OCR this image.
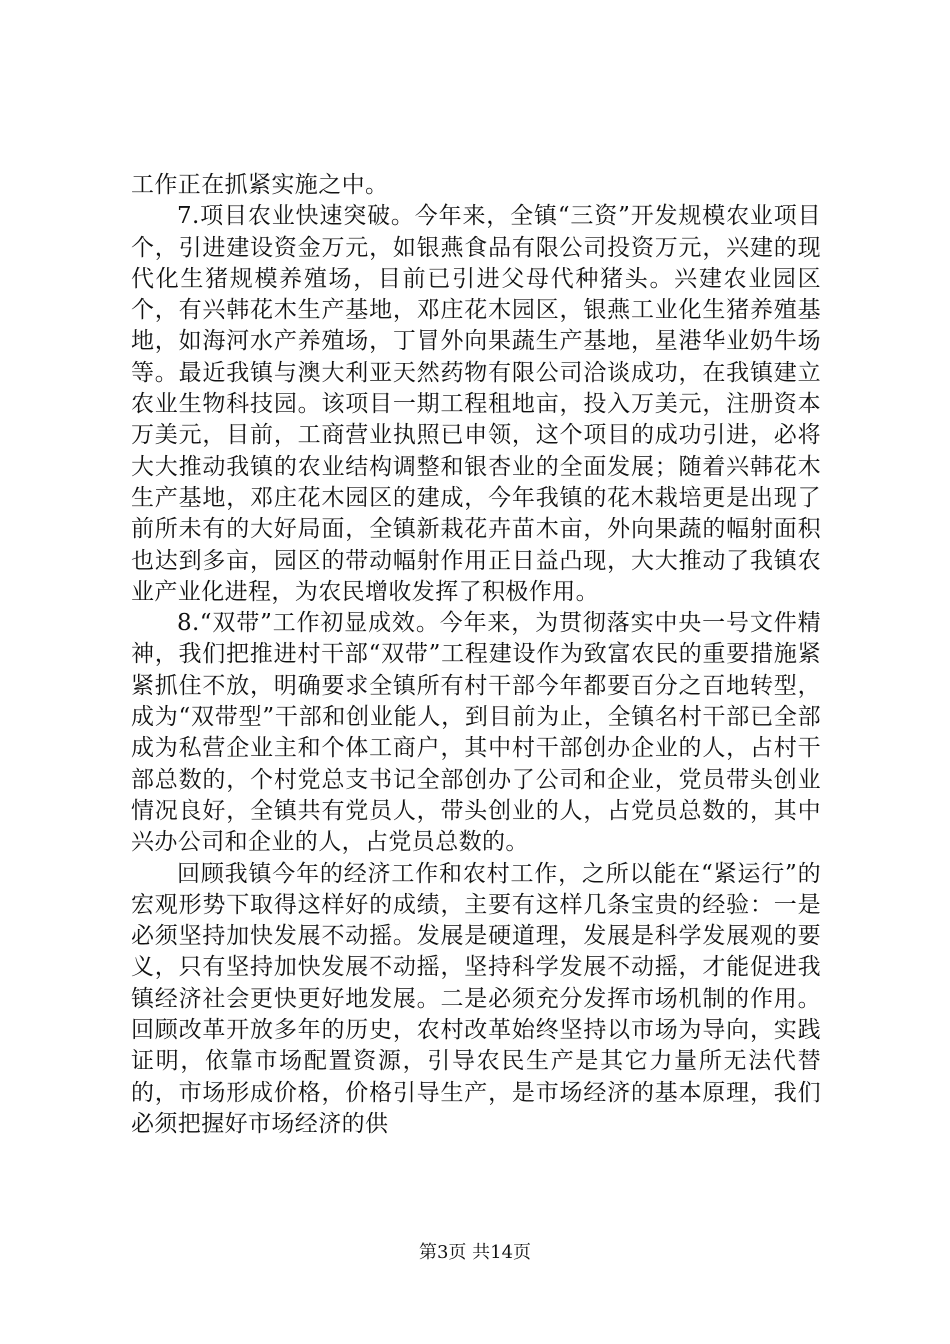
工作正在抓紧实施之中。

7.项目农业快速突破。今年来，全镇“三资”开发规模农业项目个，引进建设资金万元，如银燕食品有限公司投资万元，兴建的现代化生猪规模养殖场，目前已引进父母代种猪头。兴建农业园区个，有兴韩花木生产基地，邓庄花木园区，银燕工业化生猪养殖基地，如海河水产养殖场，丁冒外向果蔬生产基地，星港华业奶牛场等。最近我镇与澳大利亚天然药物有限公司洽谈成功，在我镇建立农业生物科技园。该项目一期工程租地亩，投入万美元，注册资本万美元，目前，工商营业执照已申领，这个项目的成功引进，必将大大推动我镇的农业结构调整和银杏业的全面发展；随着兴韩花木生产基地，邓庄花木园区的建成，今年我镇的花木栽培更是出现了前所未有的大好局面，全镇新栽花卉苗木亩，外向果蔬的幅射面积也达到多亩，园区的带动幅射作用正日益凸现，大大推动了我镇农业产业化进程，为农民增收发挥了积极作用。

8.“双带”工作初显成效。今年来，为贯彻落实中央一号文件精神，我们把推进村干部“双带”工程建设作为致富农民的重要措施紧紧抓住不放，明确要求全镇所有村干部今年都要百分之百地转型，成为“双带型”干部和创业能人，到目前为止，全镇名村干部已全部成为私营企业主和个体工商户，其中村干部创办企业的人，占村干部总数的，个村党总支书记全部创办了公司和企业，党员带头创业情况良好，全镇共有党员人，带头创业的人，占党员总数的，其中兴办公司和企业的人，占党员总数的。

回顾我镇今年的经济工作和农村工作，之所以能在“紧运行”的宏观形势下取得这样好的成绩，主要有这样几条宝贵的经验：一是必须坚持加快发展不动摇。发展是硬道理，发展是科学发展观的要义，只有坚持加快发展不动摇，坚持科学发展不动摇，才能促进我镇经济社会更快更好地发展。二是必须充分发挥市场机制的作用。回顾改革开放多年的历史，农村改革始终坚持以市场为导向，实践证明，依靠市场配置资源，引导农民生产是其它力量所无法代替的，市场形成价格，价格引导生产，是市场经济的基本原理，我们必须把握好市场经济的供

第3页 共14页
